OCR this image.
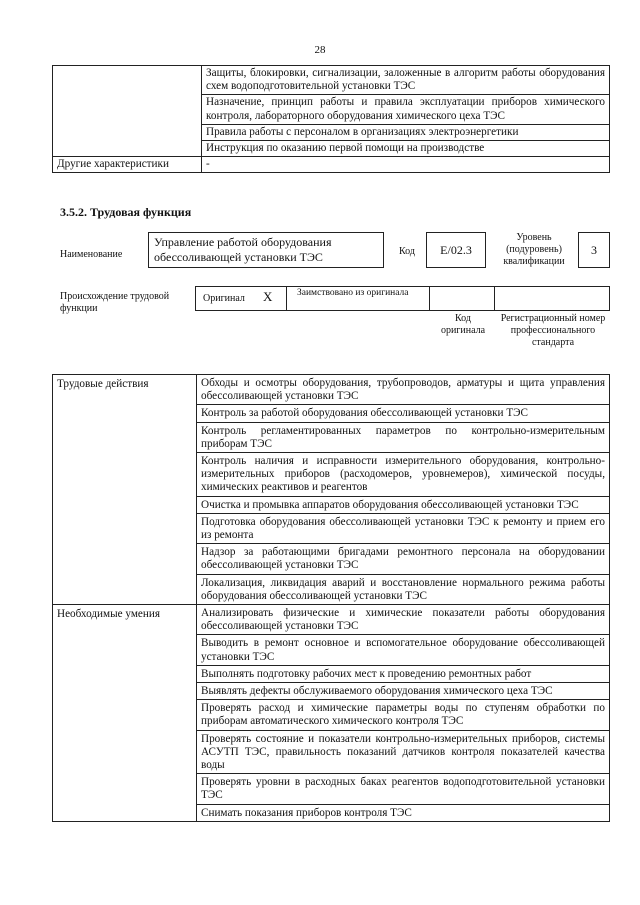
28
	Защиты, блокировки, сигнализации, заложенные в алгоритм работы оборудования схем водоподготовительной установки ТЭС
	Назначение, принцип работы и правила эксплуатации приборов химического контроля, лабораторного оборудования химического цеха ТЭС
	Правила работы с персоналом в организациях электроэнергетики
	Инструкция по оказанию первой помощи на производстве
Другие характеристики	-
3.5.2. Трудовая функция
Наименование
Управление работой оборудования обессоливающей установки ТЭС	Код	E/02.3
Уровень (подуровень) квалификации
3
Происхождение трудовой функции
Оригинал X	Заимствовано из оригинала
Код оригинала
Регистрационный номер профессионального стандарта
Трудовые действия	Обходы и осмотры оборудования, трубопроводов, арматуры и щита управления обессоливающей установки ТЭС
	Контроль за работой оборудования обессоливающей установки ТЭС
	Контроль регламентированных параметров по контрольно-измерительным приборам ТЭС
	Контроль наличия и исправности измерительного оборудования, контрольно-измерительных приборов (расходомеров, уровнемеров), химической посуды, химических реактивов и реагентов
	Очистка и промывка аппаратов оборудования обессоливающей установки ТЭС
	Подготовка оборудования обессоливающей установки ТЭС к ремонту и прием его из ремонта
	Надзор за работающими бригадами ремонтного персонала на оборудовании обессоливающей установки ТЭС
	Локализация, ликвидация аварий и восстановление нормального режима работы оборудования обессоливающей установки ТЭС
Необходимые умения	Анализировать физические и химические показатели работы оборудования обессоливающей установки ТЭС
	Выводить в ремонт основное и вспомогательное оборудование обессоливающей установки ТЭС
	Выполнять подготовку рабочих мест к проведению ремонтных работ
	Выявлять дефекты обслуживаемого оборудования химического цеха ТЭС
	Проверять расход и химические параметры воды по ступеням обработки по приборам автоматического химического контроля ТЭС
	Проверять состояние и показатели контрольно-измерительных приборов, системы АСУТП ТЭС, правильность показаний датчиков контроля показателей качества воды
	Проверять уровни в расходных баках реагентов водоподготовительной установки ТЭС
	Снимать показания приборов контроля ТЭС
